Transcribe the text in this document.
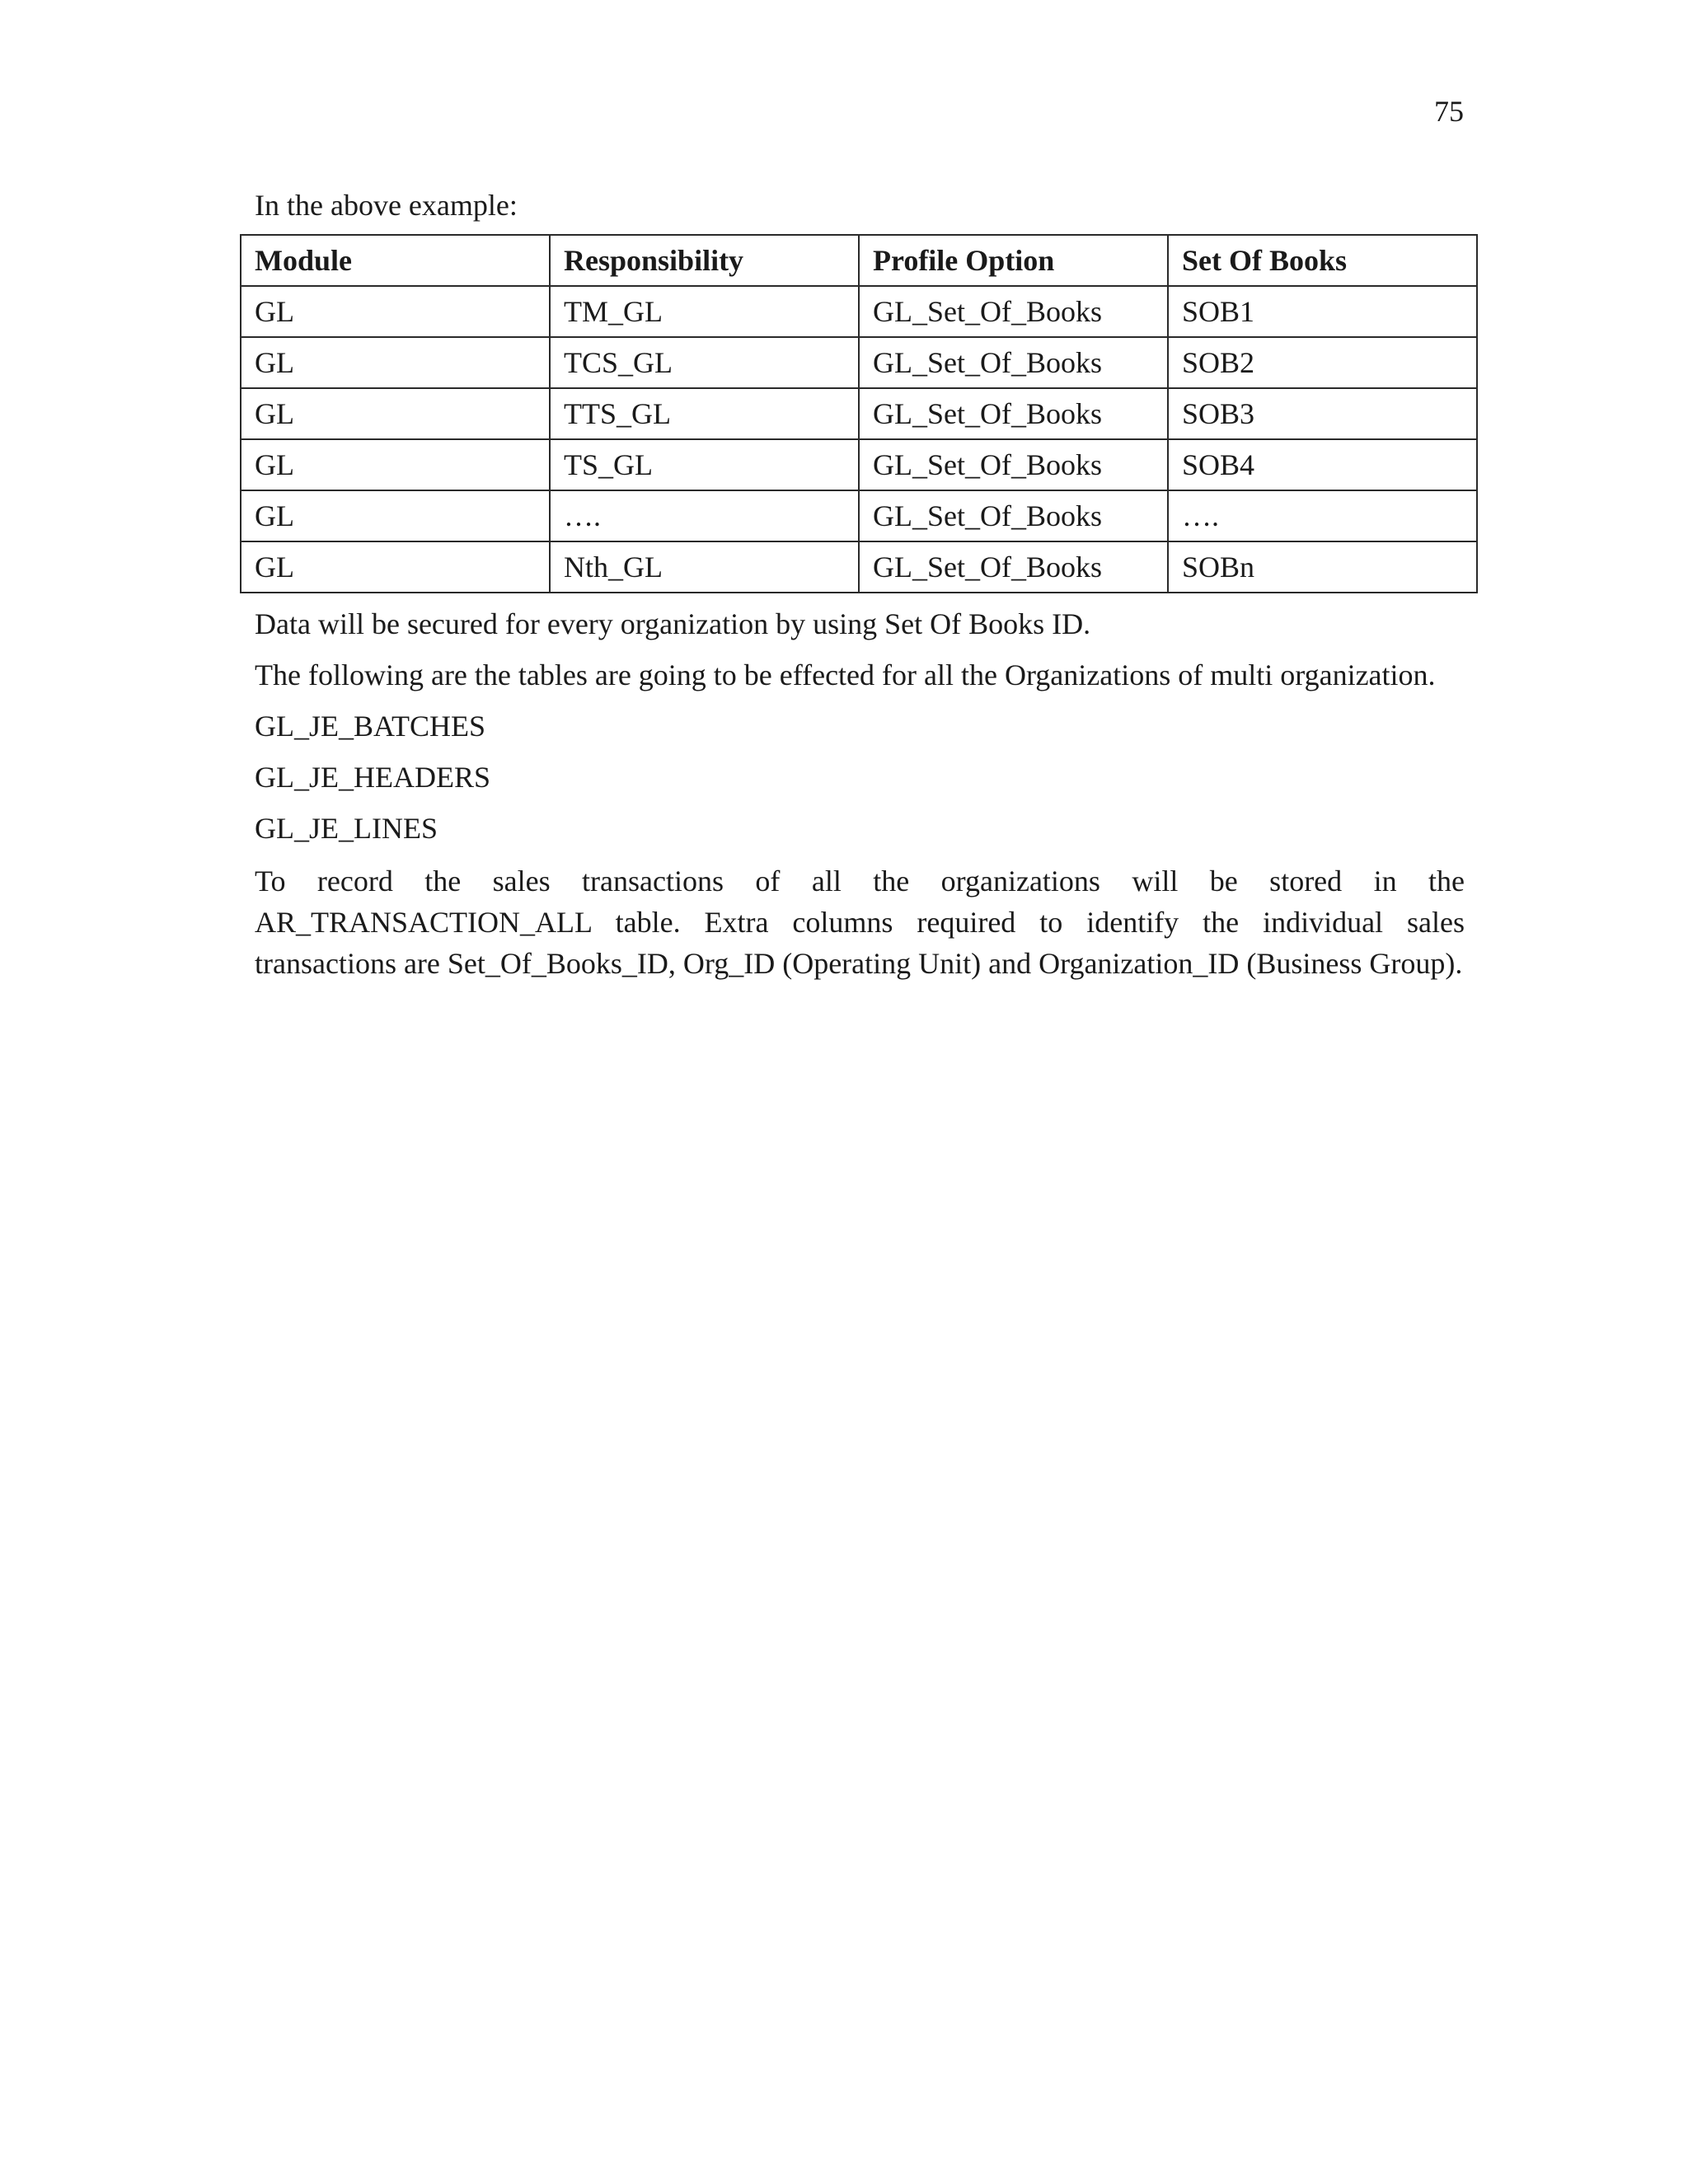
75

In the above example:

Module	Responsibility	Profile Option	Set Of Books
GL	TM_GL	GL_Set_Of_Books	SOB1
GL	TCS_GL	GL_Set_Of_Books	SOB2
GL	TTS_GL	GL_Set_Of_Books	SOB3
GL	TS_GL	GL_Set_Of_Books	SOB4
GL	….	GL_Set_Of_Books	….
GL	Nth_GL	GL_Set_Of_Books	SOBn

Data will be secured for every organization by using Set Of Books ID.

The following are the tables are going to be effected for all the Organizations of multi organization.

GL_JE_BATCHES

GL_JE_HEADERS

GL_JE_LINES

To record the sales transactions of all the organizations will be stored in the AR_TRANSACTION_ALL table. Extra columns required to identify the individual sales transactions are Set_Of_Books_ID, Org_ID (Operating Unit) and Organization_ID (Business Group).
